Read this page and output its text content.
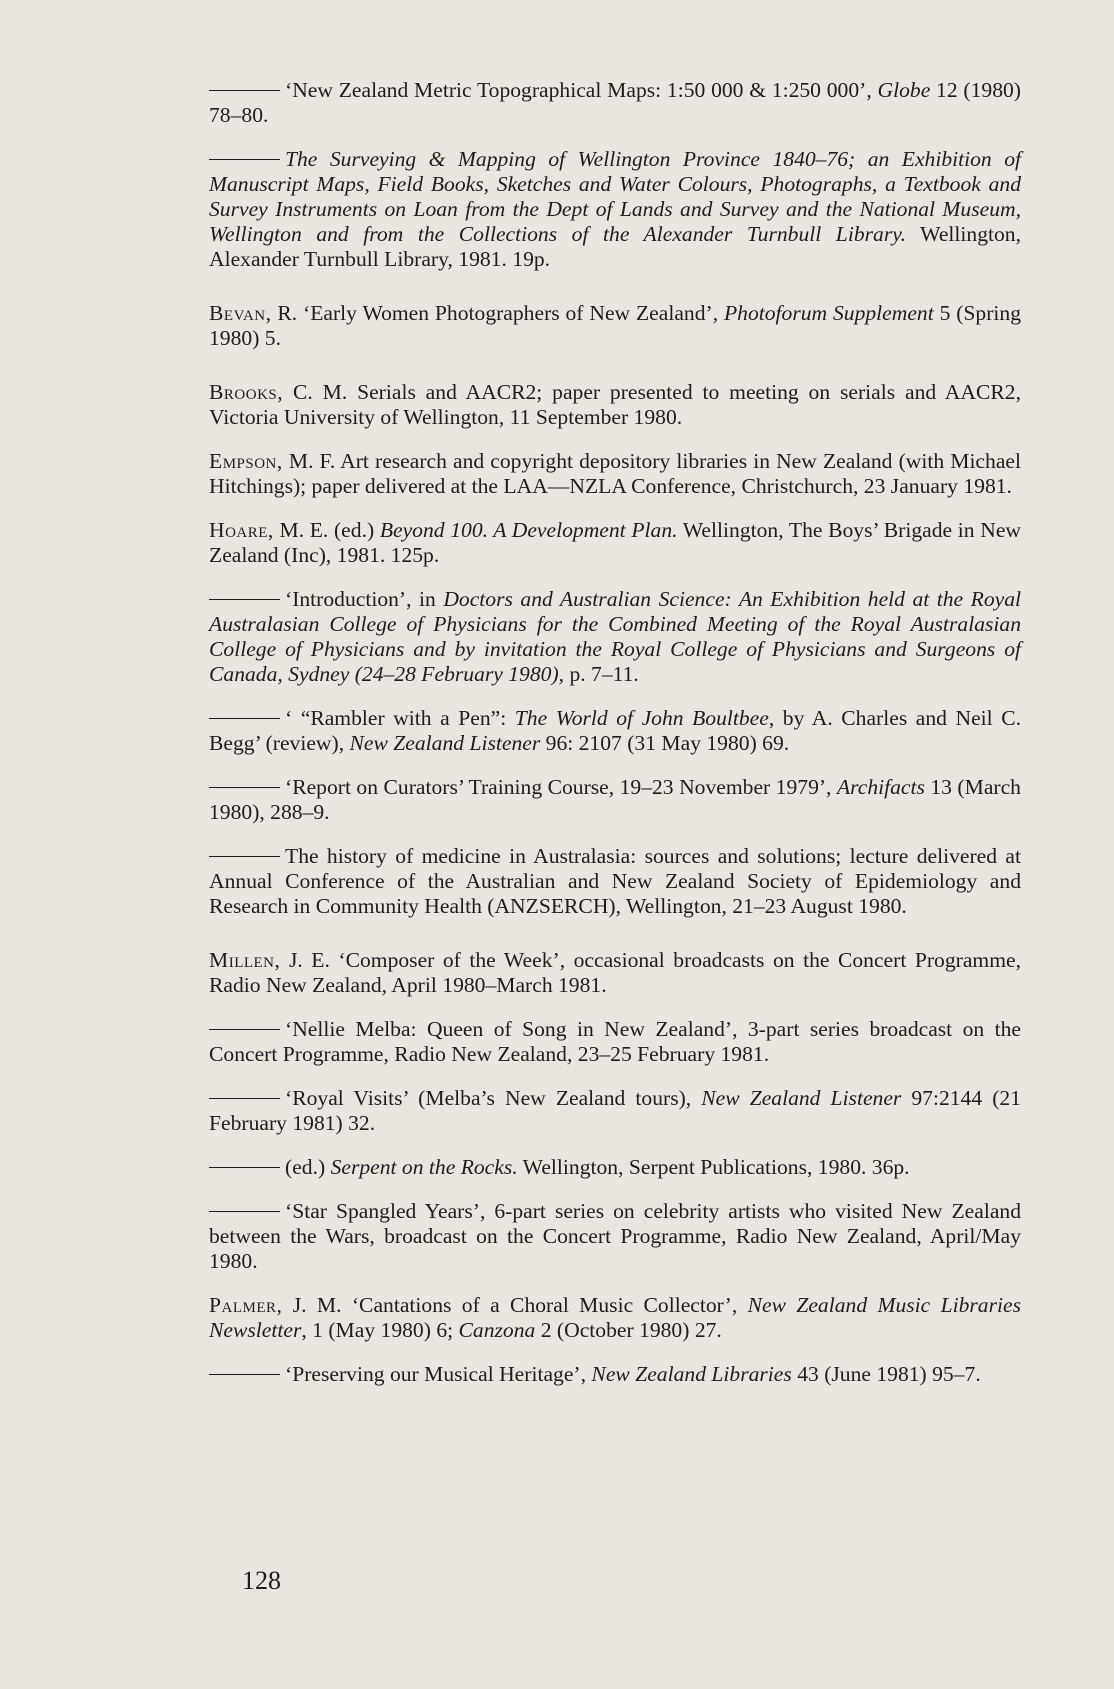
‘New Zealand Metric Topographical Maps: 1:50 000 & 1:250 000’, Globe 12 (1980) 78–80.

The Surveying & Mapping of Wellington Province 1840–76; an Exhibition of Manuscript Maps, Field Books, Sketches and Water Colours, Photographs, a Textbook and Survey Instruments on Loan from the Dept of Lands and Survey and the National Museum, Wellington and from the Collections of the Alexander Turnbull Library. Wellington, Alexander Turnbull Library, 1981. 19p.

Bevan, R. ‘Early Women Photographers of New Zealand’, Photoforum Supplement 5 (Spring 1980) 5.

Brooks, C. M. Serials and AACR2; paper presented to meeting on serials and AACR2, Victoria University of Wellington, 11 September 1980.

Empson, M. F. Art research and copyright depository libraries in New Zealand (with Michael Hitchings); paper delivered at the LAA—NZLA Conference, Christchurch, 23 January 1981.

Hoare, M. E. (ed.) Beyond 100. A Development Plan. Wellington, The Boys’ Brigade in New Zealand (Inc), 1981. 125p.

‘Introduction’, in Doctors and Australian Science: An Exhibition held at the Royal Australasian College of Physicians for the Combined Meeting of the Royal Australasian College of Physicians and by invitation the Royal College of Physicians and Surgeons of Canada, Sydney (24–28 February 1980), p. 7–11.

‘ “Rambler with a Pen”: The World of John Boultbee, by A. Charles and Neil C. Begg’ (review), New Zealand Listener 96: 2107 (31 May 1980) 69.

‘Report on Curators’ Training Course, 19–23 November 1979’, Archifacts 13 (March 1980), 288–9.

The history of medicine in Australasia: sources and solutions; lecture delivered at Annual Conference of the Australian and New Zealand Society of Epidemiology and Research in Community Health (ANZSERCH), Wellington, 21–23 August 1980.

Millen, J. E. ‘Composer of the Week’, occasional broadcasts on the Concert Programme, Radio New Zealand, April 1980–March 1981.

‘Nellie Melba: Queen of Song in New Zealand’, 3-part series broadcast on the Concert Programme, Radio New Zealand, 23–25 February 1981.

‘Royal Visits’ (Melba’s New Zealand tours), New Zealand Listener 97:2144 (21 February 1981) 32.

(ed.) Serpent on the Rocks. Wellington, Serpent Publications, 1980. 36p.

‘Star Spangled Years’, 6-part series on celebrity artists who visited New Zealand between the Wars, broadcast on the Concert Programme, Radio New Zealand, April/May 1980.

Palmer, J. M. ‘Cantations of a Choral Music Collector’, New Zealand Music Libraries Newsletter, 1 (May 1980) 6; Canzona 2 (October 1980) 27.

‘Preserving our Musical Heritage’, New Zealand Libraries 43 (June 1981) 95–7.

128
